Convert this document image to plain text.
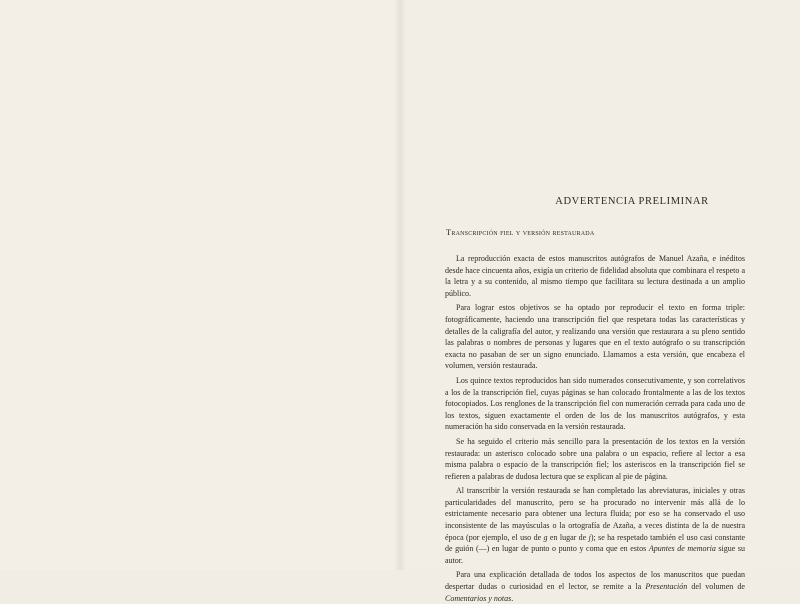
ADVERTENCIA PRELIMINAR
Transcripción fiel y versión restaurada

La reproducción exacta de estos manuscritos autógrafos de Manuel Azaña, e inéditos desde hace cincuenta años, exigía un criterio de fidelidad absoluta que combinara el respeto a la letra y a su contenido, al mismo tiempo que facilitara su lectura destinada a un amplio público.

Para lograr estos objetivos se ha optado por reproducir el texto en forma triple: fotográficamente, haciendo una transcripción fiel que respetara todas las características y detalles de la caligrafía del autor, y realizando una versión que restaurara a su pleno sentido las palabras o nombres de personas y lugares que en el texto autógrafo o su transcripción exacta no pasaban de ser un signo enunciado. Llamamos a esta versión, que encabeza el volumen, versión restaurada.

Los quince textos reproducidos han sido numerados consecutivamente, y son correlativos a los de la transcripción fiel, cuyas páginas se han colocado frontalmente a las de los textos fotocopiados. Los renglones de la transcripción fiel con numeración cerrada para cada uno de los textos, siguen exactamente el orden de los de los manuscritos autógrafos, y esta numeración ha sido conservada en la versión restaurada.

Se ha seguido el criterio más sencillo para la presentación de los textos en la versión restaurada: un asterisco colocado sobre una palabra o un espacio, refiere al lector a esa misma palabra o espacio de la transcripción fiel; los asteriscos en la transcripción fiel se refieren a palabras de dudosa lectura que se explican al pie de página.

Al transcribir la versión restaurada se han completado las abreviaturas, iniciales y otras particularidades del manuscrito, pero se ha procurado no intervenir más allá de lo estrictamente necesario para obtener una lectura fluida; por eso se ha conservado el uso inconsistente de las mayúsculas o la ortografía de Azaña, a veces distinta de la de nuestra época (por ejemplo, el uso de g en lugar de j); se ha respetado también el uso casi constante de guión (—) en lugar de punto o punto y coma que en estos Apuntes de memoria sigue su autor.

Para una explicación detallada de todos los aspectos de los manuscritos que puedan despertar dudas o curiosidad en el lector, se remite a la Presentación del volumen de Comentarios y notas.
